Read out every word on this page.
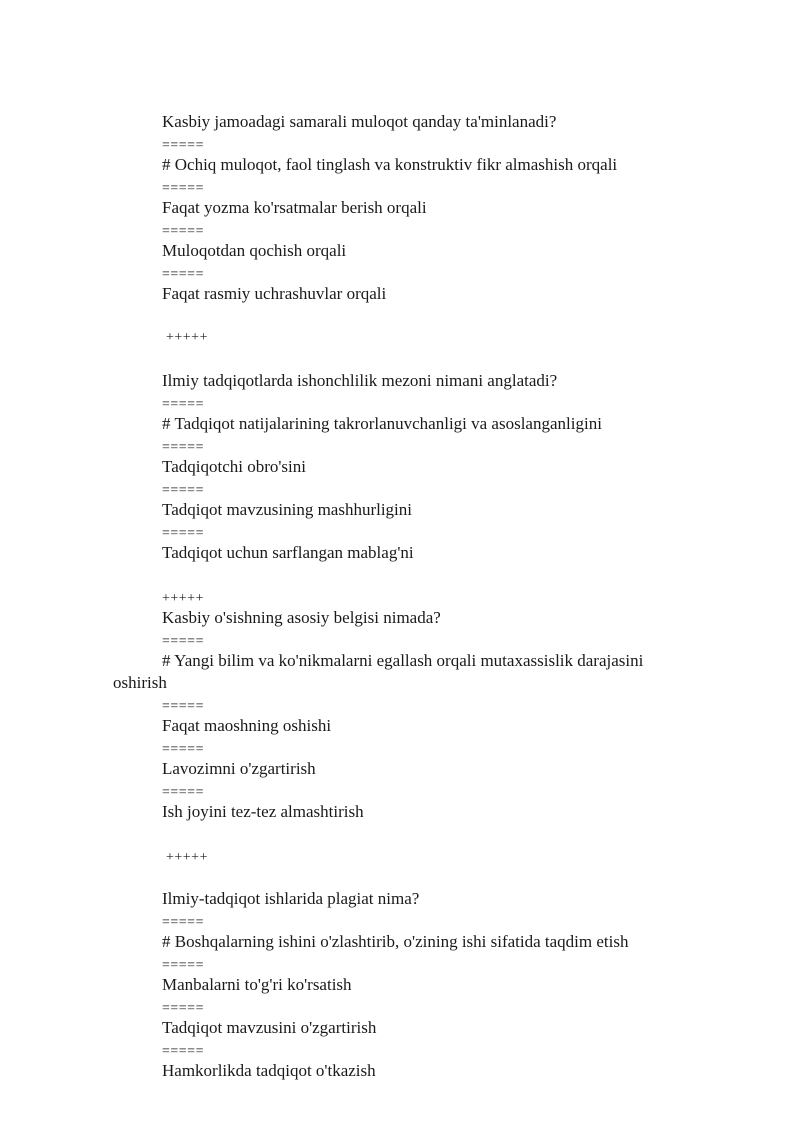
Kasbiy jamoadagi samarali muloqot qanday ta'minlanadi?
=====
# Ochiq muloqot, faol tinglash va konstruktiv fikr almashish orqali
=====
Faqat yozma ko'rsatmalar berish orqali
=====
Muloqotdan qochish orqali
=====
Faqat rasmiy uchrashuvlar orqali
+++++
Ilmiy tadqiqotlarda ishonchlilik mezoni nimani anglatadi?
=====
# Tadqiqot natijalarining takrorlanuvchanligi va asoslanganligini
=====
Tadqiqotchi obro'sini
=====
Tadqiqot mavzusining mashhurligini
=====
Tadqiqot uchun sarflangan mablag'ni
+++++
Kasbiy o'sishning asosiy belgisi nimada?
=====
# Yangi bilim va ko'nikmalarni egallash orqali mutaxassislik darajasini
oshirish
=====
Faqat maoshning oshishi
=====
Lavozimni o'zgartirish
=====
Ish joyini tez-tez almashtirish
+++++
Ilmiy-tadqiqot ishlarida plagiat nima?
=====
# Boshqalarning ishini o'zlashtirib, o'zining ishi sifatida taqdim etish
=====
Manbalarni to'g'ri ko'rsatish
=====
Tadqiqot mavzusini o'zgartirish
=====
Hamkorlikda tadqiqot o'tkazish
